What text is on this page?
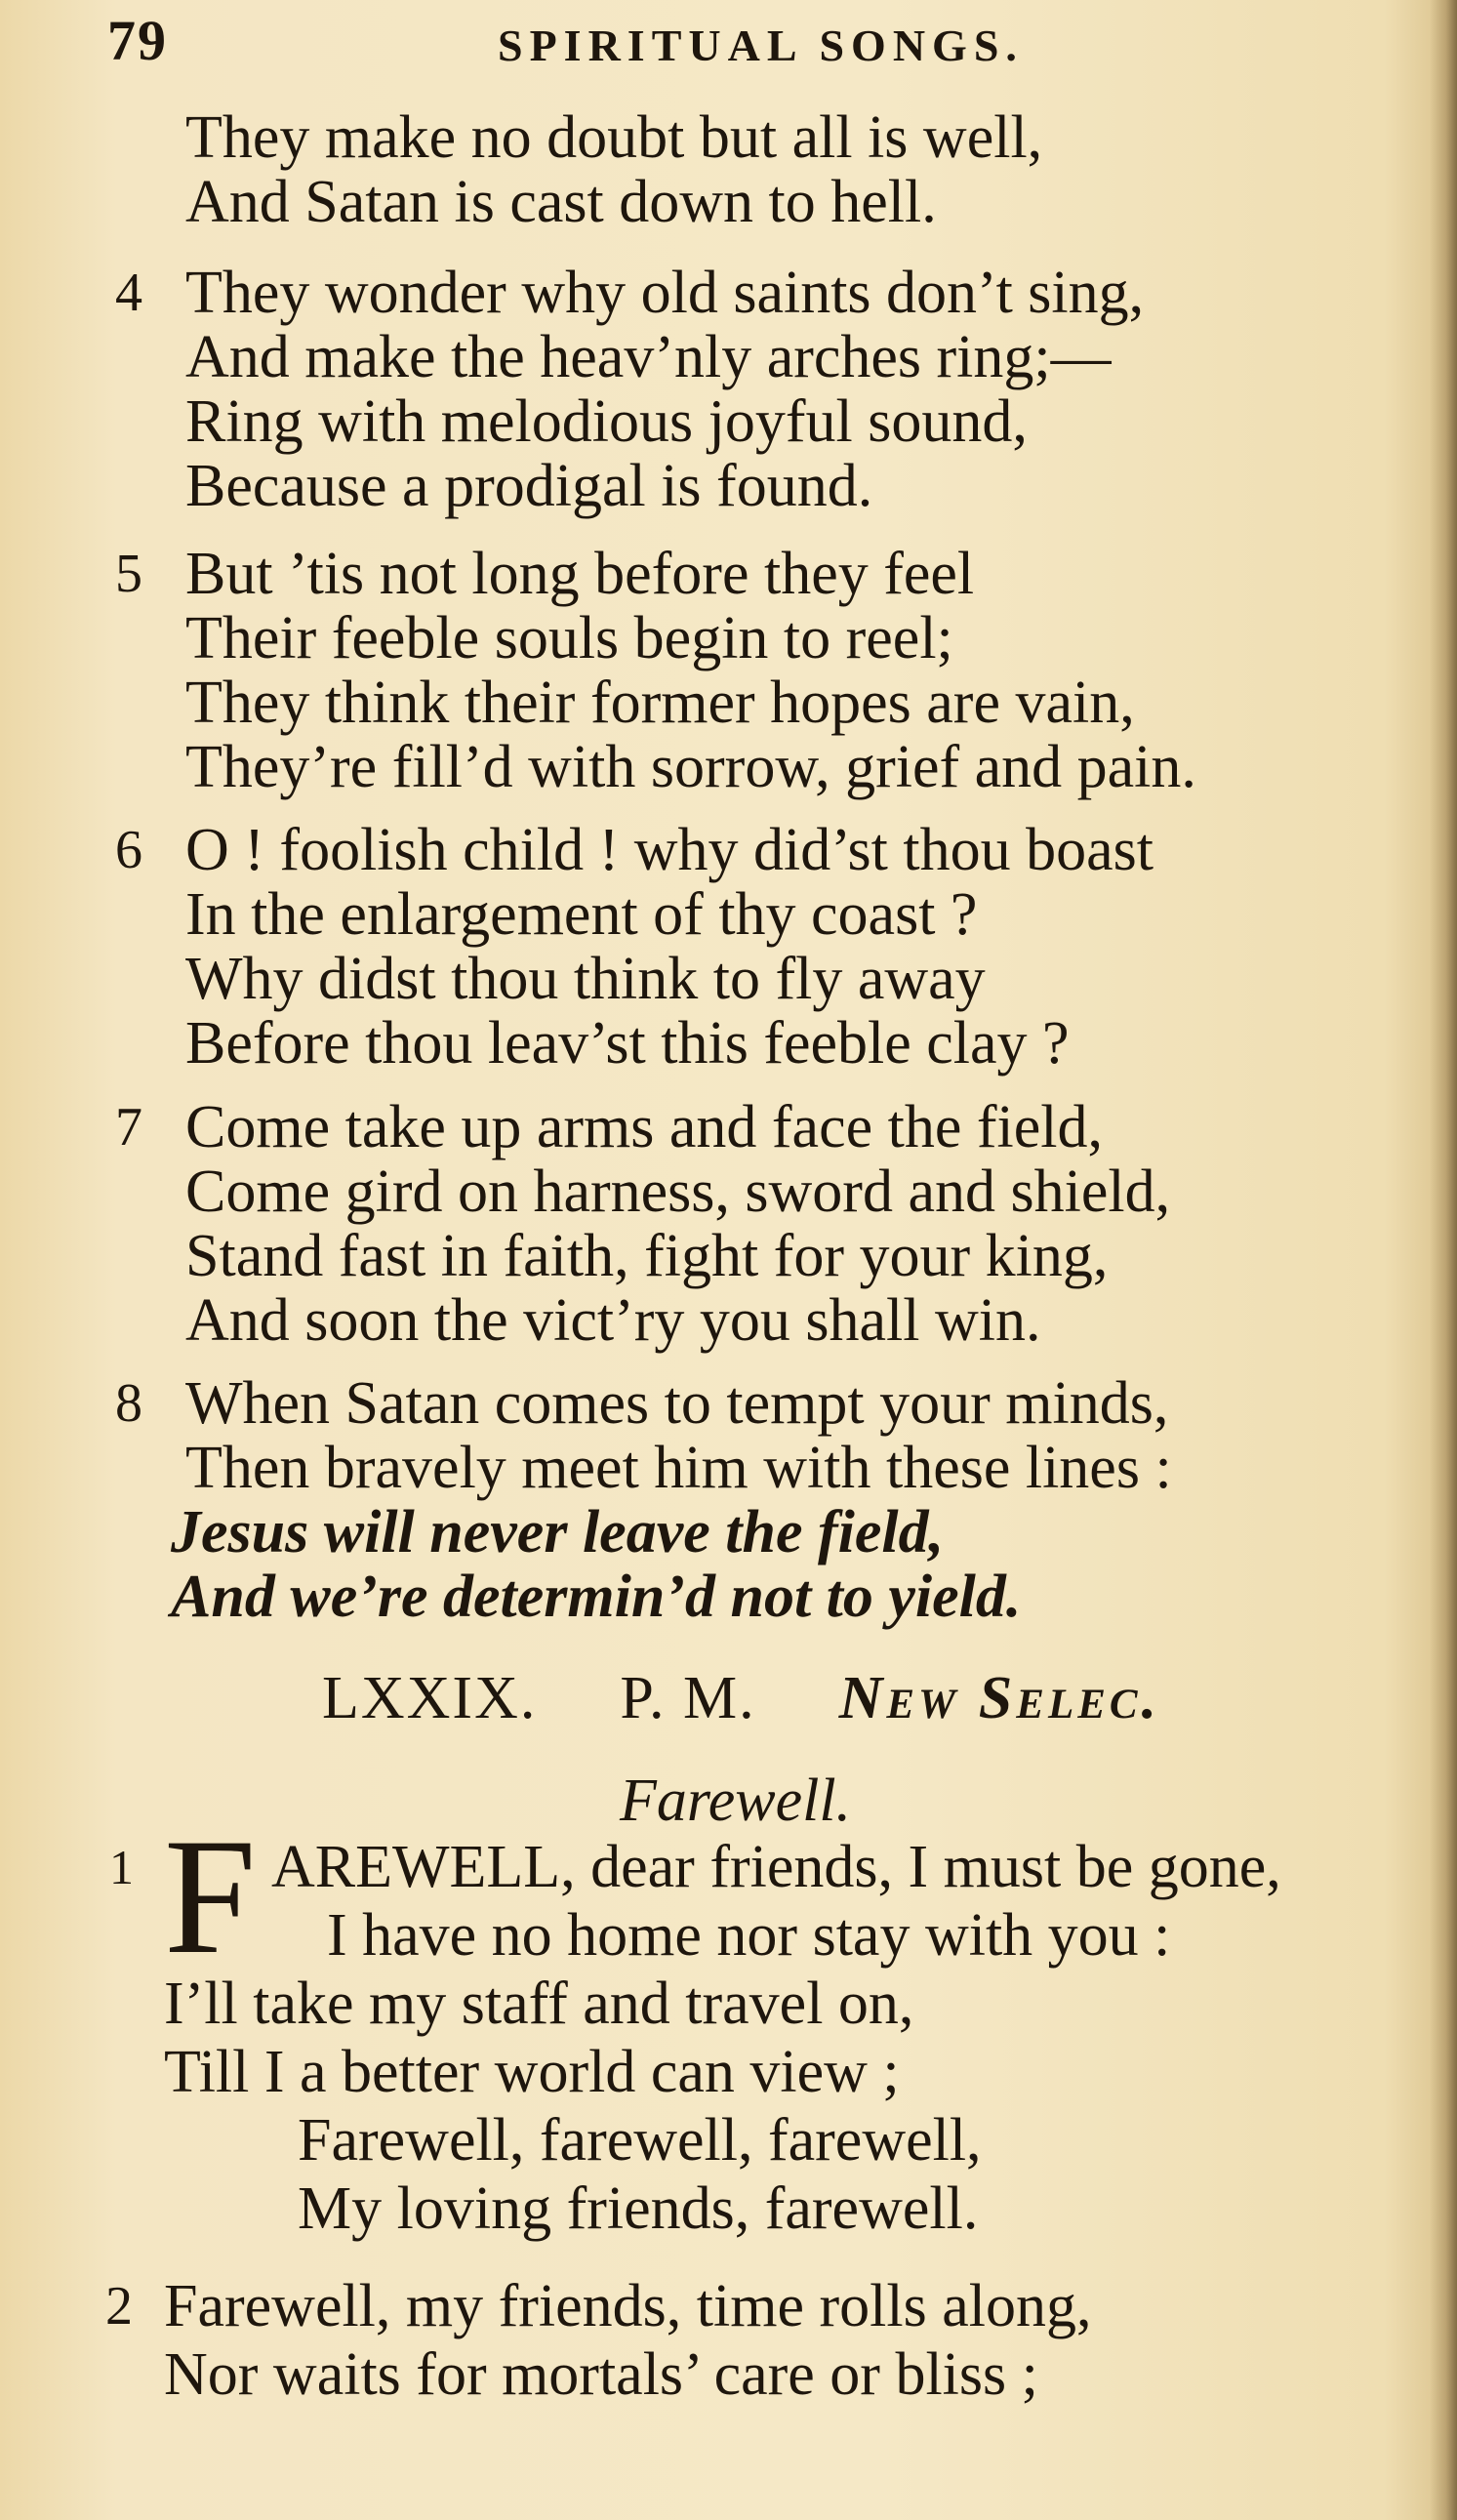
79	SPIRITUAL SONGS.
They make no doubt but all is well,
And Satan is cast down to hell.
4 They wonder why old saints don’t sing,
And make the heav’nly arches ring;—
Ring with melodious joyful sound,
Because a prodigal is found.
5 But ’tis not long before they feel
Their feeble souls begin to reel;
They think their former hopes are vain,
They’re fill’d with sorrow, grief and pain.
6 O ! foolish child ! why did’st thou boast
In the enlargement of thy coast ?
Why didst thou think to fly away
Before thou leav’st this feeble clay ?
7 Come take up arms and face the field,
Come gird on harness, sword and shield,
Stand fast in faith, fight for your king,
And soon the vict’ry you shall win.
8 When Satan comes to tempt your minds,
Then bravely meet him with these lines :
Jesus will never leave the field,
And we’re determin’d not to yield.
LXXIX. P. M. New Selec.
Farewell.
1 F AREWELL, dear friends, I must be gone,
I have no home nor stay with you :
I’ll take my staff and travel on,
Till I a better world can view ;
Farewell, farewell, farewell,
My loving friends, farewell.
2 Farewell, my friends, time rolls along,
Nor waits for mortals’ care or bliss ;
